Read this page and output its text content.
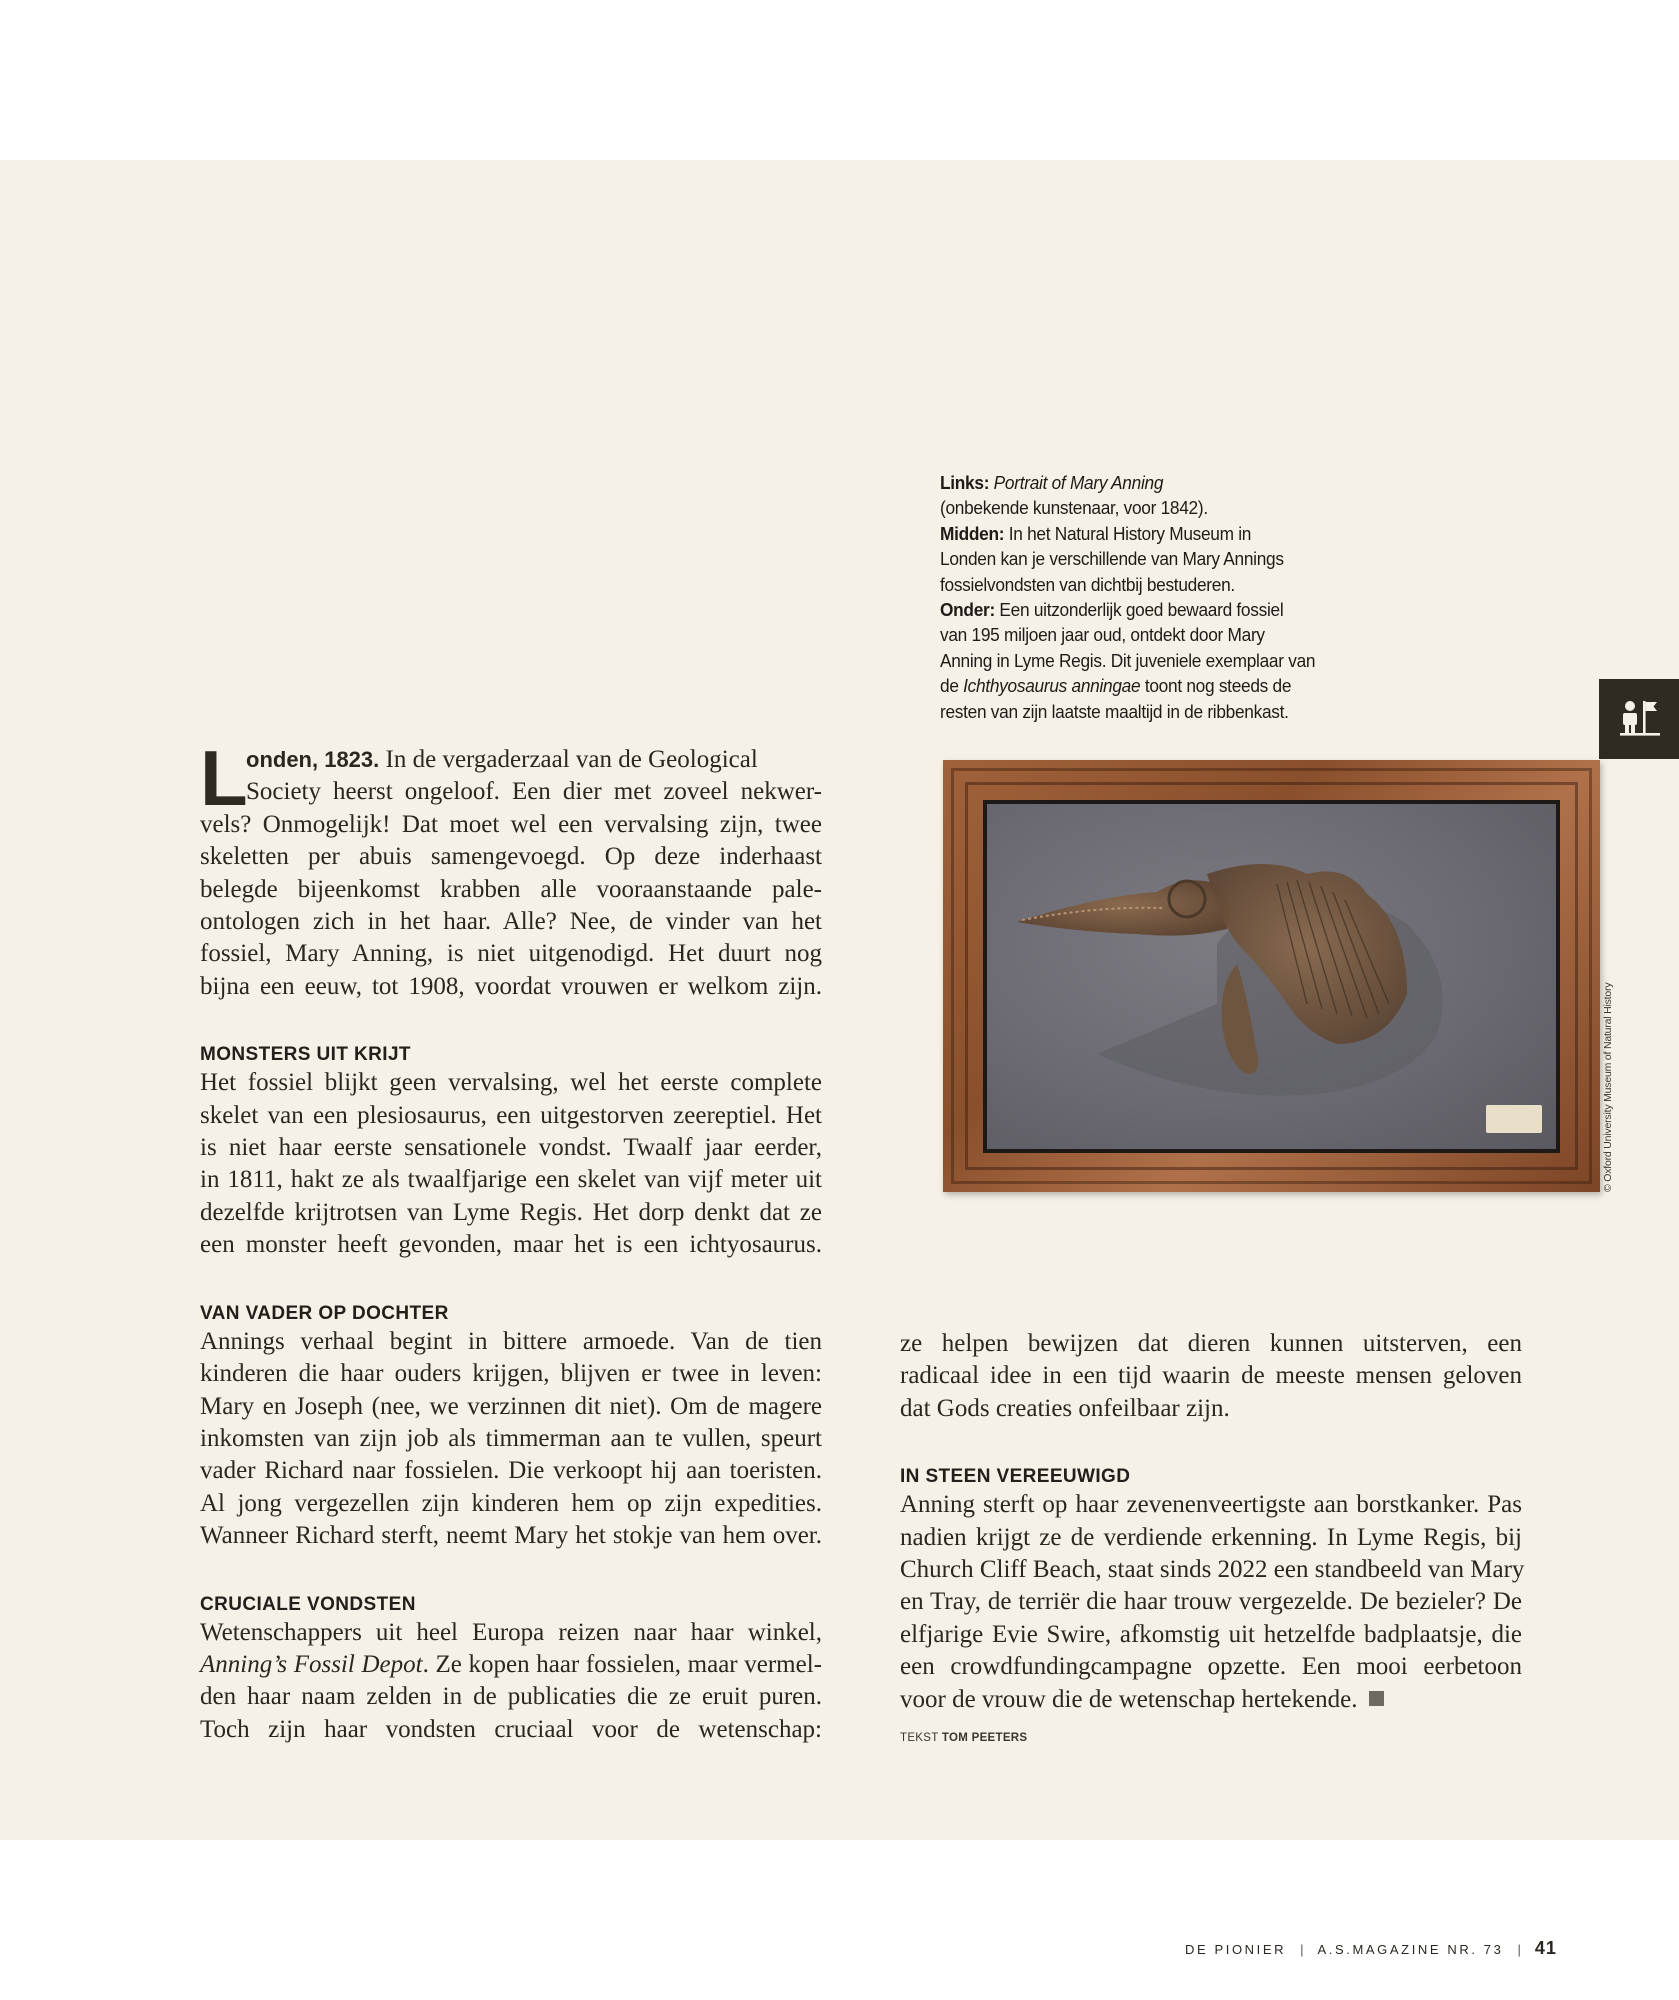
Links: Portrait of Mary Anning
(onbekende kunstenaar, voor 1842).
Midden: In het Natural History Museum in
Londen kan je verschillende van Mary Annings
fossielvondsten van dichtbij bestuderen.
Onder: Een uitzonderlijk goed bewaard fossiel
van 195 miljoen jaar oud, ontdekt door Mary
Anning in Lyme Regis. Dit juveniele exemplaar van
de Ichthyosaurus anningae toont nog steeds de
resten van zijn laatste maaltijd in de ribbenkast.
© Oxford University Museum of Natural History
L onden, 1823. In de vergaderzaal van de Geological
Society heerst ongeloof. Een dier met zoveel nekwer-
vels? Onmogelijk! Dat moet wel een vervalsing zijn, twee
skeletten per abuis samengevoegd. Op deze inderhaast
belegde bijeenkomst krabben alle vooraanstaande pale-
ontologen zich in het haar. Alle? Nee, de vinder van het
fossiel, Mary Anning, is niet uitgenodigd. Het duurt nog
bijna een eeuw, tot 1908, voordat vrouwen er welkom zijn.
MONSTERS UIT KRIJT
Het fossiel blijkt geen vervalsing, wel het eerste complete
skelet van een plesiosaurus, een uitgestorven zeereptiel. Het
is niet haar eerste sensationele vondst. Twaalf jaar eerder,
in 1811, hakt ze als twaalfjarige een skelet van vijf meter uit
dezelfde krijtrotsen van Lyme Regis. Het dorp denkt dat ze
een monster heeft gevonden, maar het is een ichtyosaurus.
VAN VADER OP DOCHTER
Annings verhaal begint in bittere armoede. Van de tien
kinderen die haar ouders krijgen, blijven er twee in leven:
Mary en Joseph (nee, we verzinnen dit niet). Om de magere
inkomsten van zijn job als timmerman aan te vullen, speurt
vader Richard naar fossielen. Die verkoopt hij aan toeristen.
Al jong vergezellen zijn kinderen hem op zijn expedities.
Wanneer Richard sterft, neemt Mary het stokje van hem over.
CRUCIALE VONDSTEN
Wetenschappers uit heel Europa reizen naar haar winkel,
Anning’s Fossil Depot. Ze kopen haar fossielen, maar vermel-
den haar naam zelden in de publicaties die ze eruit puren.
Toch zijn haar vondsten cruciaal voor de wetenschap:
ze helpen bewijzen dat dieren kunnen uitsterven, een
radicaal idee in een tijd waarin de meeste mensen geloven
dat Gods creaties onfeilbaar zijn.
IN STEEN VEREEUWIGD
Anning sterft op haar zevenenveertigste aan borstkanker. Pas
nadien krijgt ze de verdiende erkenning. In Lyme Regis, bij
Church Cliff Beach, staat sinds 2022 een standbeeld van Mary
en Tray, de terriër die haar trouw vergezelde. De bezieler? De
elfjarige Evie Swire, afkomstig uit hetzelfde badplaatsje, die
een crowdfundingcampagne opzette. Een mooi eerbetoon
voor de vrouw die de wetenschap hertekende.
TEKST TOM PEETERS
DE PIONIER | A.S.MAGAZINE NR. 73 | 41
